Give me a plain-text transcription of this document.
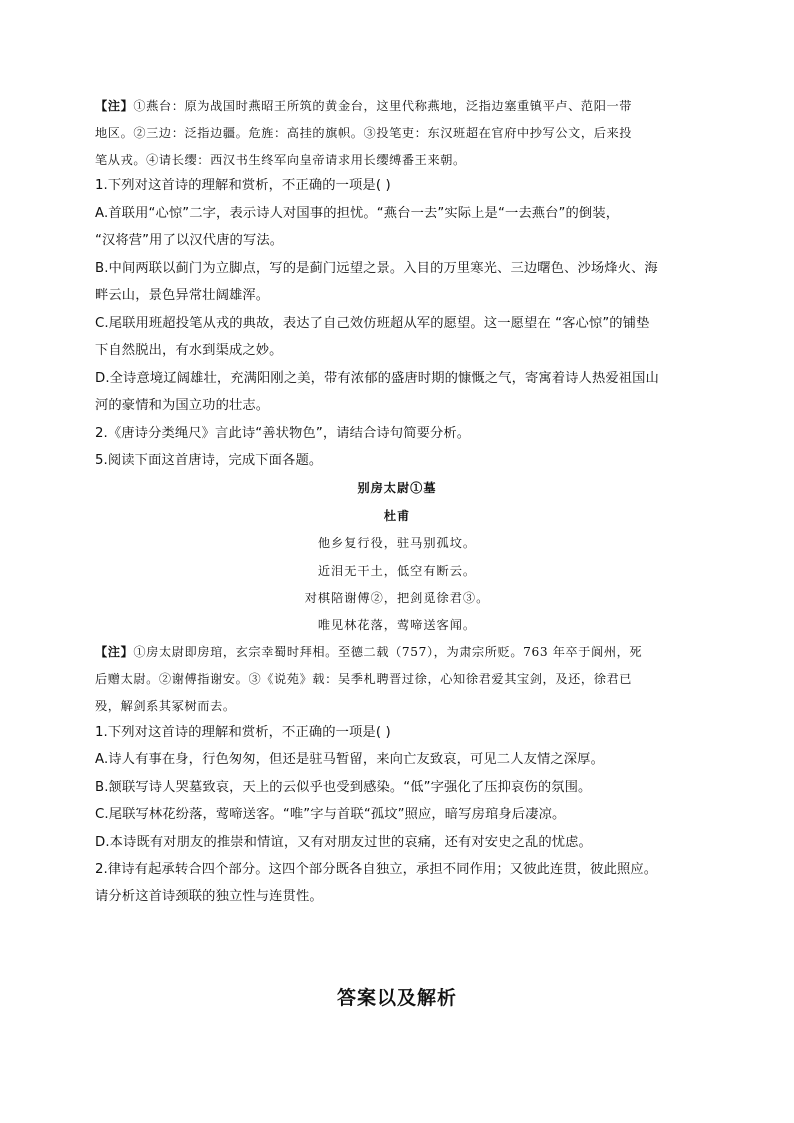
【注】①燕台：原为战国时燕昭王所筑的黄金台，这里代称燕地，泛指边塞重镇平卢、范阳一带
地区。②三边：泛指边疆。危旌：高挂的旗帜。③投笔吏：东汉班超在官府中抄写公文，后来投
笔从戎。④请长缨：西汉书生终军向皇帝请求用长缨缚番王来朝。
1.下列对这首诗的理解和赏析，不正确的一项是( )
A.首联用“心惊”二字，表示诗人对国事的担忧。“燕台一去”实际上是“一去燕台”的倒装，
“汉将营”用了以汉代唐的写法。
B.中间两联以蓟门为立脚点，写的是蓟门远望之景。入目的万里寒光、三边曙色、沙场烽火、海
畔云山，景色异常壮阔雄浑。
C.尾联用班超投笔从戎的典故，表达了自己效仿班超从军的愿望。这一愿望在 “客心惊”的铺垫
下自然脱出，有水到渠成之妙。
D.全诗意境辽阔雄壮，充满阳刚之美，带有浓郁的盛唐时期的慷慨之气，寄寓着诗人热爱祖国山
河的豪情和为国立功的壮志。
2.《唐诗分类绳尺》言此诗“善状物色”，请结合诗句简要分析。
5.阅读下面这首唐诗，完成下面各题。
别房太尉①墓
杜甫
他乡复行役，驻马别孤坟。
近泪无干土，低空有断云。
对棋陪谢傅②，把剑觅徐君③。
唯见林花落，莺啼送客闻。
【注】①房太尉即房琯，玄宗幸蜀时拜相。至德二载（757），为肃宗所贬。763 年卒于阆州，死
后赠太尉。②谢傅指谢安。③《说苑》载：吴季札聘晋过徐，心知徐君爱其宝剑，及还，徐君已
殁，解剑系其冢树而去。
1.下列对这首诗的理解和赏析，不正确的一项是( )
A.诗人有事在身，行色匆匆，但还是驻马暂留，来向亡友致哀，可见二人友情之深厚。
B.颔联写诗人哭墓致哀，天上的云似乎也受到感染。“低”字强化了压抑哀伤的氛围。
C.尾联写林花纷落，莺啼送客。“唯”字与首联“孤坟”照应，暗写房琯身后凄凉。
D.本诗既有对朋友的推崇和情谊，又有对朋友过世的哀痛，还有对安史之乱的忧虑。
2.律诗有起承转合四个部分。这四个部分既各自独立，承担不同作用；又彼此连贯，彼此照应。
请分析这首诗颈联的独立性与连贯性。
答案以及解析
